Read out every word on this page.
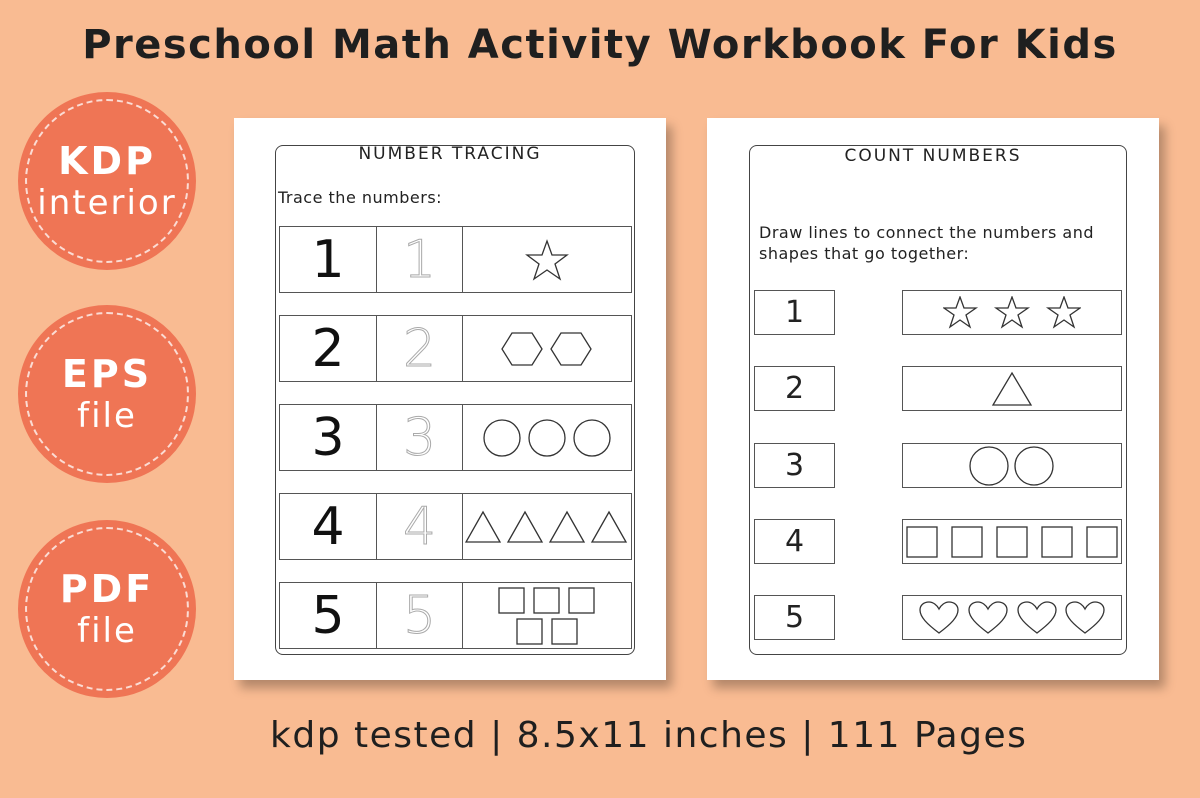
Preschool Math Activity Workbook For Kids
KDP
interior
EPS
file
PDF
file
NUMBER TRACING
Trace the numbers:
1	1
2	2
3	3
4	4
5	5
COUNT NUMBERS
Draw lines to connect the numbers and shapes that go together:
1
2
3
4
5
kdp tested | 8.5x11 inches | 111 Pages
